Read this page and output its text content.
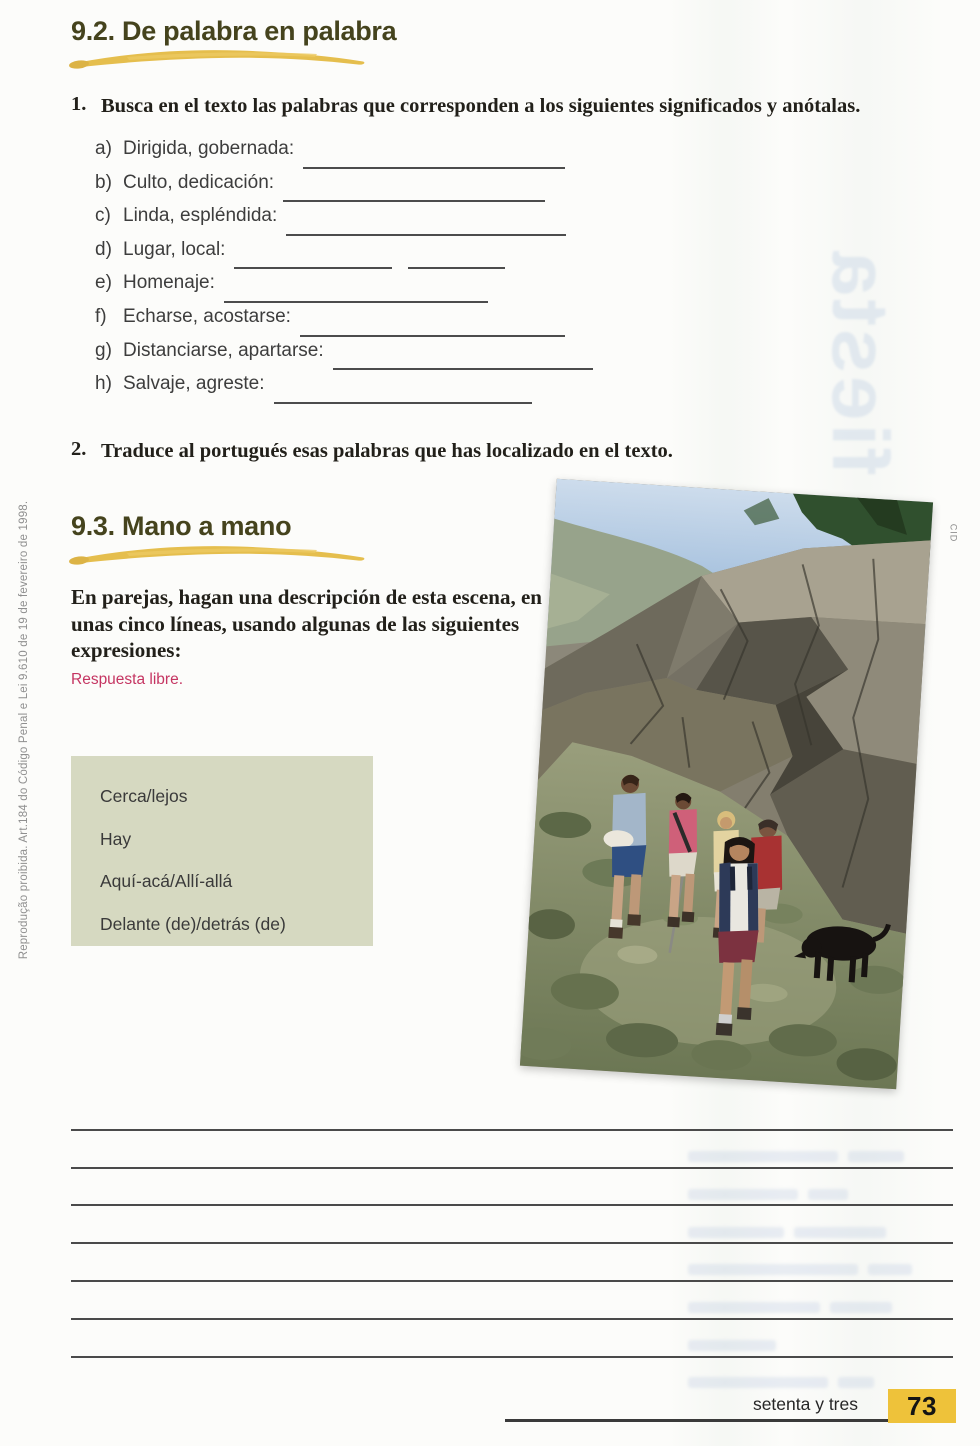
Reprodução proibida. Art.184 do Código Penal e Lei 9.610 de 19 de fevereiro de 1998.
fiesta
9.2. De palabra en palabra
1. Busca en el texto las palabras que corresponden a los siguientes significados y anótalas.
a) Dirigida, gobernada:
b) Culto, dedicación:
c) Linda, espléndida:
d) Lugar, local:
e) Homenaje:
f) Echarse, acostarse:
g) Distanciarse, apartarse:
h) Salvaje, agreste:
2. Traduce al portugués esas palabras que has localizado en el texto.
9.3. Mano a mano
En parejas, hagan una descripción de esta escena, en unas cinco líneas, usando algunas de las siguientes expresiones:
Respuesta libre.
Cerca/lejos
Hay
Aquí-acá/Allí-allá
Delante (de)/detrás (de)
CID
setenta y tres 73
